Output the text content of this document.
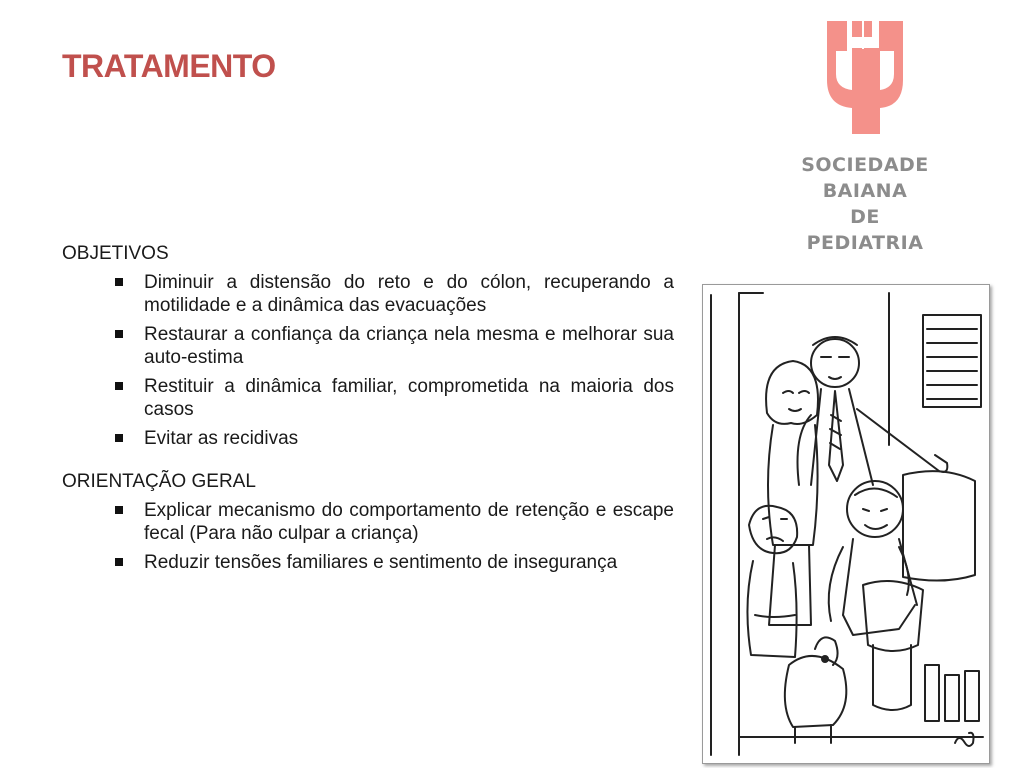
TRATAMENTO
SOCIEDADE
BAIANA
DE PEDIATRIA
OBJETIVOS
Diminuir a distensão do reto e do cólon, recuperando a motilidade e a dinâmica das evacuações
Restaurar a confiança da criança nela mesma e melhorar sua auto-estima
Restituir a dinâmica familiar, comprometida na maioria dos casos
Evitar as recidivas
ORIENTAÇÃO GERAL
Explicar mecanismo do comportamento de retenção e escape fecal (Para não culpar a criança)
Reduzir tensões familiares e sentimento de insegurança
